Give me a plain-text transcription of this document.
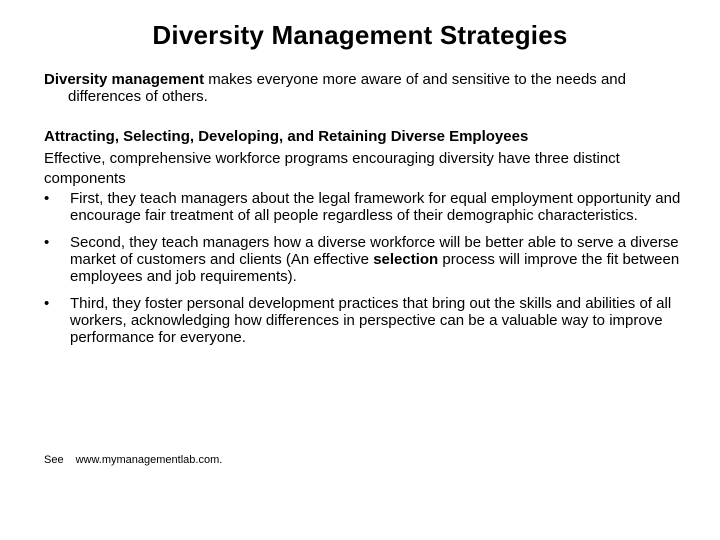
Diversity Management Strategies

Diversity management makes everyone more aware of and sensitive to the needs and differences of others.

Attracting, Selecting, Developing, and Retaining Diverse Employees

Effective, comprehensive workforce programs encouraging diversity have three distinct components

• First, they teach managers about the legal framework for equal employment opportunity and encourage fair treatment of all people regardless of their demographic characteristics.
• Second, they teach managers how a diverse workforce will be better able to serve a diverse market of customers and clients (An effective selection process will improve the fit between employees and job requirements).
• Third, they foster personal development practices that bring out the skills and abilities of all workers, acknowledging how differences in perspective can be a valuable way to improve performance for everyone.
See www.mymanagementlab.com.
